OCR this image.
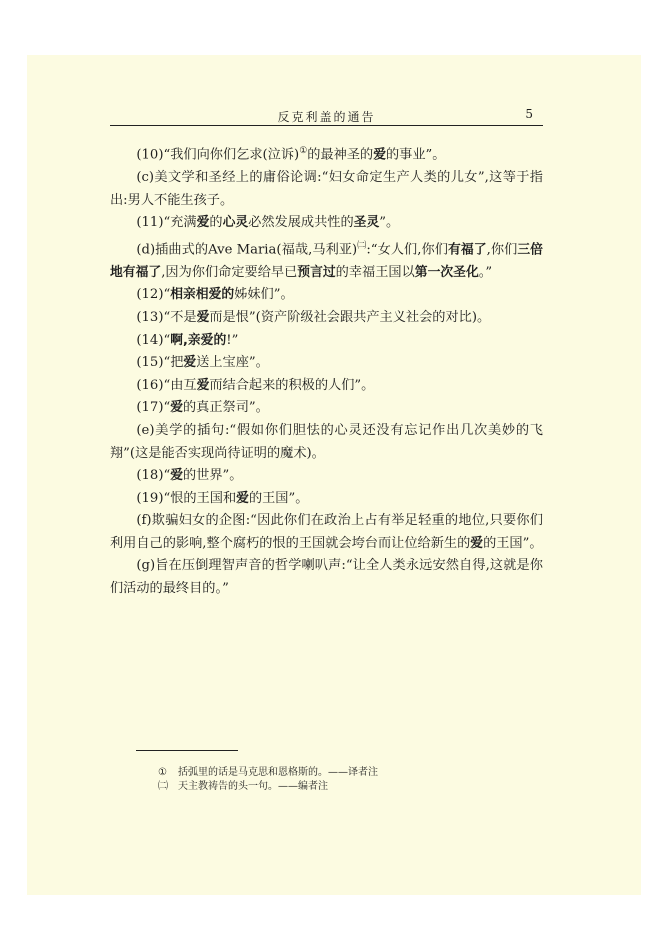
反克利盖的通告	5

(10)“我们向你们乞求(泣诉)①的最神圣的爱的事业”。

(c)美文学和圣经上的庸俗论调:“妇女命定生产人类的儿女”,这等于指出:男人不能生孩子。

(11)“充满爱的心灵必然发展成共性的圣灵”。

(d)插曲式的Ave Maria(福哉,马利亚)$^㈡$:“女人们,你们有福了,你们三倍地有福了,因为你们命定要给早已预言过的幸福王国以第一次圣化。”

(12)“相亲相爱的姊妹们”。

(13)“不是爱而是恨”(资产阶级社会跟共产主义社会的对比)。

(14)“啊,亲爱的!”

(15)“把爱送上宝座”。

(16)“由互爱而结合起来的积极的人们”。

(17)“爱的真正祭司”。

(e)美学的插句:“假如你们胆怯的心灵还没有忘记作出几次美妙的飞翔”(这是能否实现尚待证明的魔术)。

(18)“爱的世界”。

(19)“恨的王国和爱的王国”。

(f)欺骗妇女的企图:“因此你们在政治上占有举足轻重的地位,只要你们利用自己的影响,整个腐朽的恨的王国就会垮台而让位给新生的爱的王国”。

(g)旨在压倒理智声音的哲学喇叭声:“让全人类永远安然自得,这就是你们活动的最终目的。”

① 括弧里的话是马克思和恩格斯的。——译者注
㈡ 天主教祷告的头一句。——编者注
